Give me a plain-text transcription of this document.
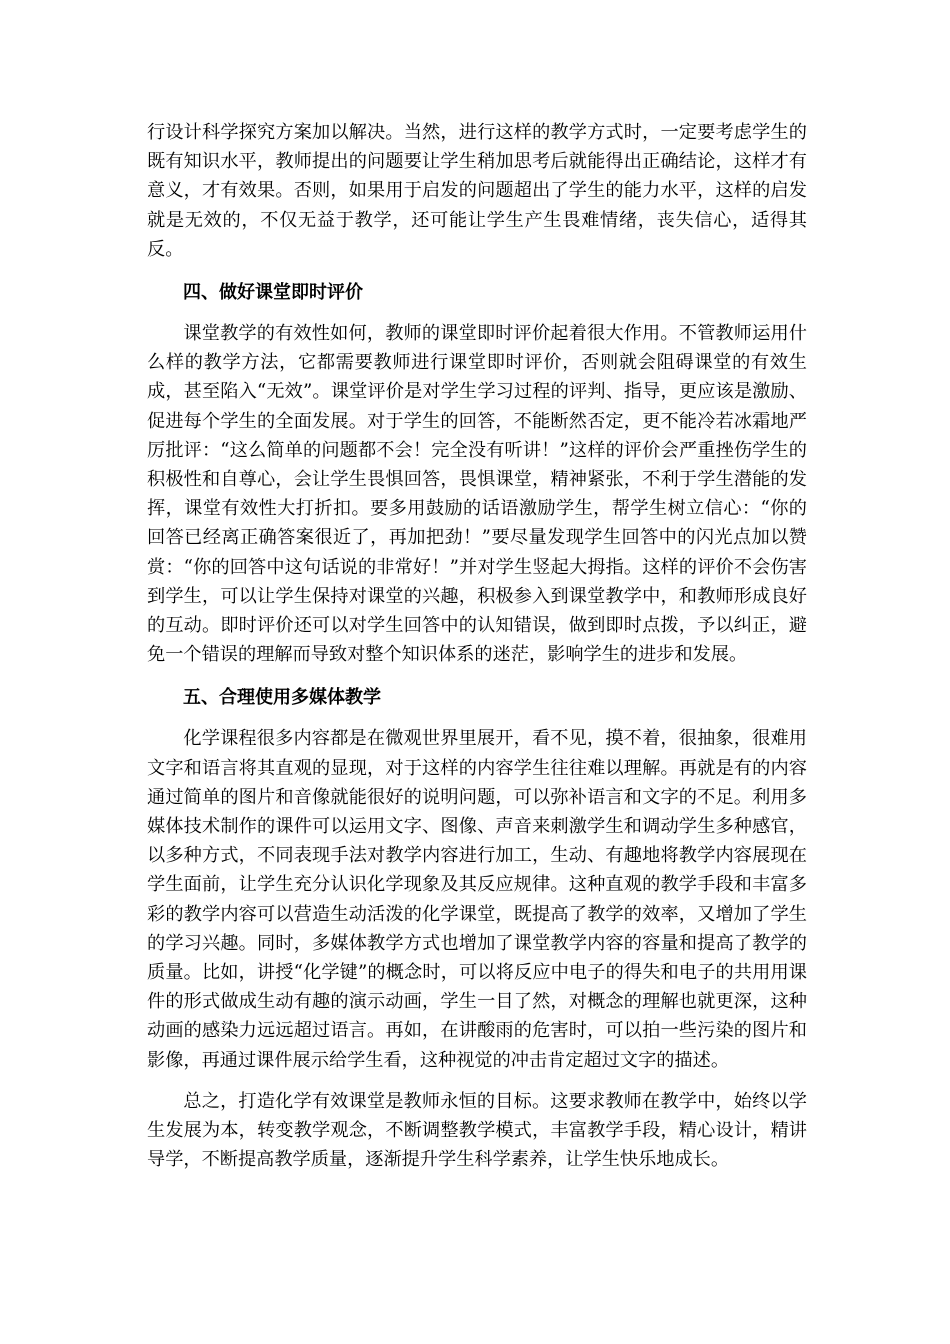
行设计科学探究方案加以解决。当然，进行这样的教学方式时，一定要考虑学生的既有知识水平，教师提出的问题要让学生稍加思考后就能得出正确结论，这样才有意义，才有效果。否则，如果用于启发的问题超出了学生的能力水平，这样的启发就是无效的，不仅无益于教学，还可能让学生产生畏难情绪，丧失信心，适得其反。

四、做好课堂即时评价

课堂教学的有效性如何，教师的课堂即时评价起着很大作用。不管教师运用什么样的教学方法，它都需要教师进行课堂即时评价，否则就会阻碍课堂的有效生成，甚至陷入“无效”。课堂评价是对学生学习过程的评判、指导，更应该是激励、促进每个学生的全面发展。对于学生的回答，不能断然否定，更不能冷若冰霜地严厉批评：“这么简单的问题都不会！完全没有听讲！”这样的评价会严重挫伤学生的积极性和自尊心，会让学生畏惧回答，畏惧课堂，精神紧张，不利于学生潜能的发挥，课堂有效性大打折扣。要多用鼓励的话语激励学生，帮学生树立信心：“你的回答已经离正确答案很近了，再加把劲！”要尽量发现学生回答中的闪光点加以赞赏：“你的回答中这句话说的非常好！”并对学生竖起大拇指。这样的评价不会伤害到学生，可以让学生保持对课堂的兴趣，积极参入到课堂教学中，和教师形成良好的互动。即时评价还可以对学生回答中的认知错误，做到即时点拨，予以纠正，避免一个错误的理解而导致对整个知识体系的迷茫，影响学生的进步和发展。

五、合理使用多媒体教学

化学课程很多内容都是在微观世界里展开，看不见，摸不着，很抽象，很难用文字和语言将其直观的显现，对于这样的内容学生往往难以理解。再就是有的内容通过简单的图片和音像就能很好的说明问题，可以弥补语言和文字的不足。利用多媒体技术制作的课件可以运用文字、图像、声音来刺激学生和调动学生多种感官，以多种方式，不同表现手法对教学内容进行加工，生动、有趣地将教学内容展现在学生面前，让学生充分认识化学现象及其反应规律。这种直观的教学手段和丰富多彩的教学内容可以营造生动活泼的化学课堂，既提高了教学的效率，又增加了学生的学习兴趣。同时，多媒体教学方式也增加了课堂教学内容的容量和提高了教学的质量。比如，讲授“化学键”的概念时，可以将反应中电子的得失和电子的共用用课件的形式做成生动有趣的演示动画，学生一目了然，对概念的理解也就更深，这种动画的感染力远远超过语言。再如，在讲酸雨的危害时，可以拍一些污染的图片和影像，再通过课件展示给学生看，这种视觉的冲击肯定超过文字的描述。

总之，打造化学有效课堂是教师永恒的目标。这要求教师在教学中，始终以学生发展为本，转变教学观念，不断调整教学模式，丰富教学手段，精心设计，精讲导学，不断提高教学质量，逐渐提升学生科学素养，让学生快乐地成长。
